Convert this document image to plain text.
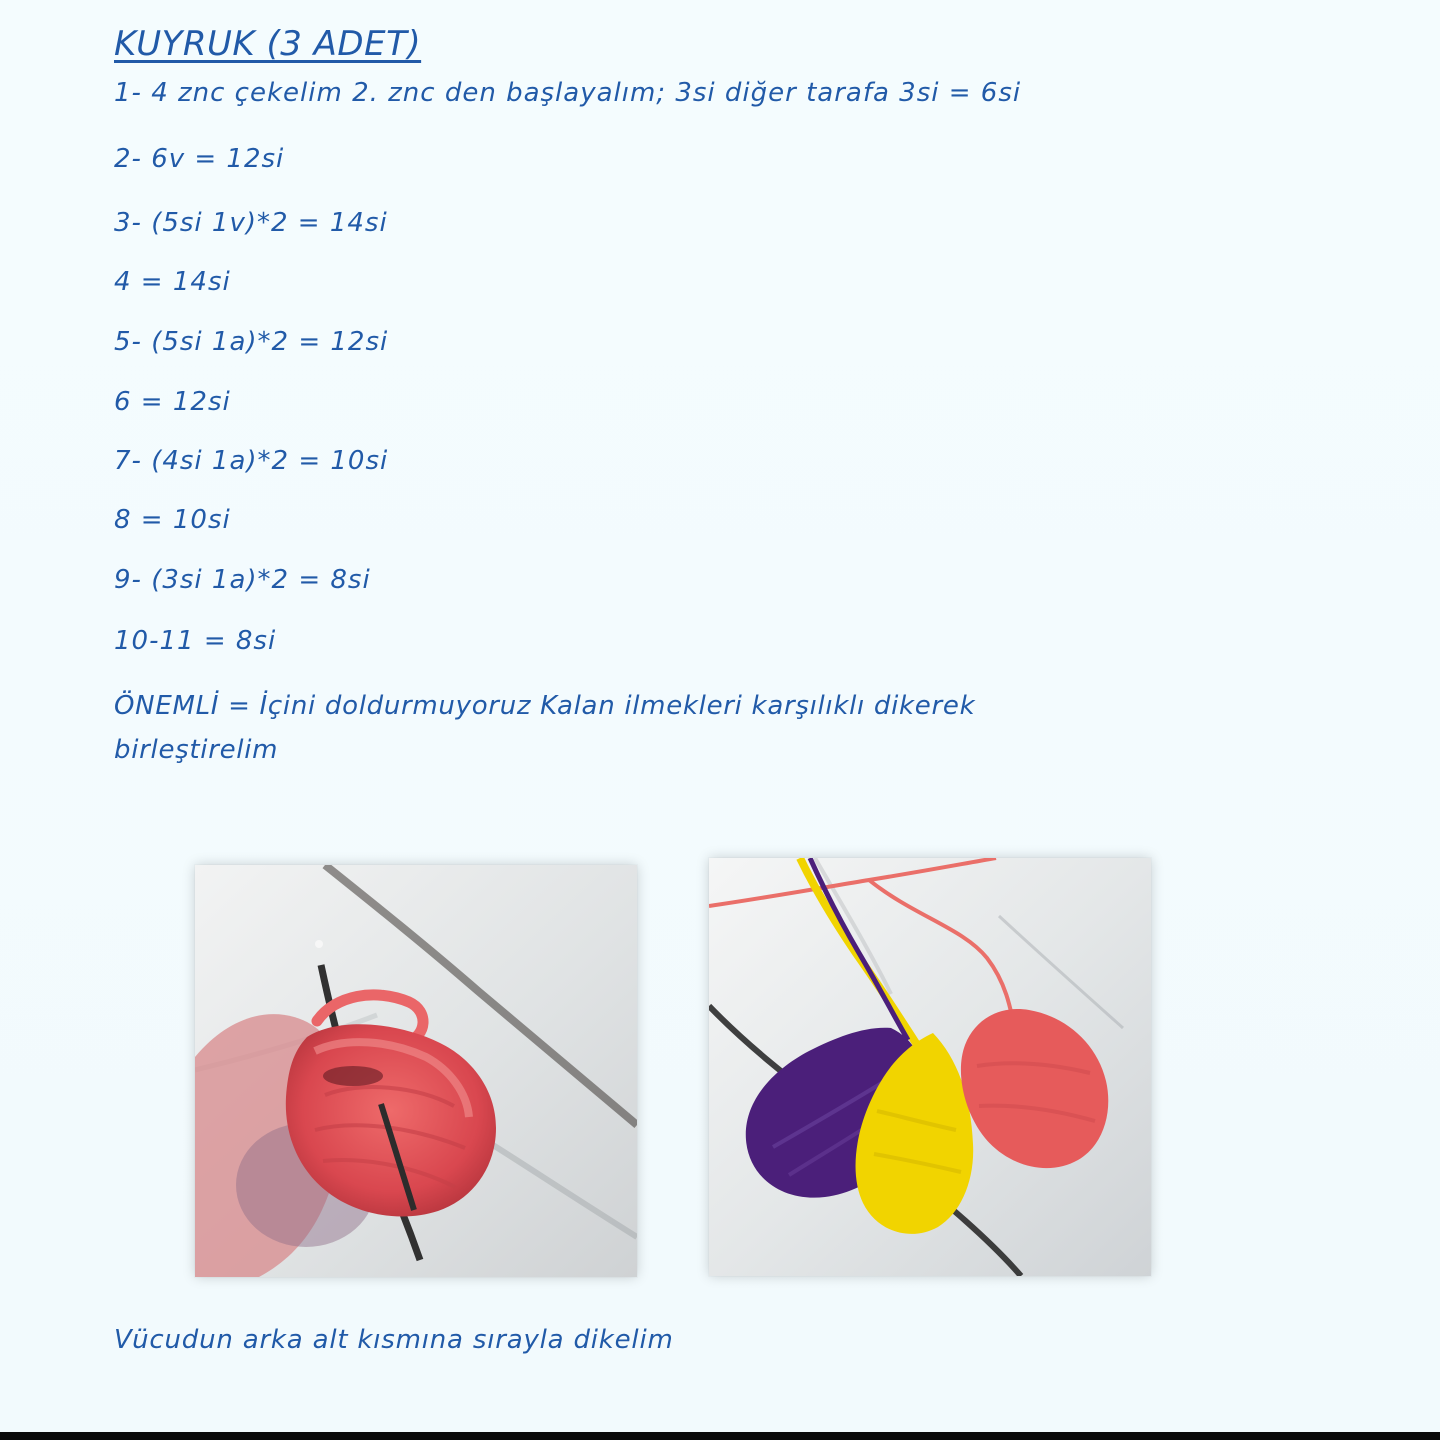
KUYRUK (3 ADET)

1- 4 znc çekelim 2. znc den başlayalım; 3si diğer tarafa 3si = 6si

2- 6v = 12si

3- (5si 1v)*2 = 14si

4 = 14si

5- (5si 1a)*2 = 12si

6 = 12si

7- (4si 1a)*2 = 10si

8 = 10si

9- (3si 1a)*2 = 8si

10-11 = 8si

ÖNEMLİ = İçini doldurmuyoruz Kalan ilmekleri karşılıklı dikerek birleştirelim

Vücudun arka alt kısmına sırayla dikelim
